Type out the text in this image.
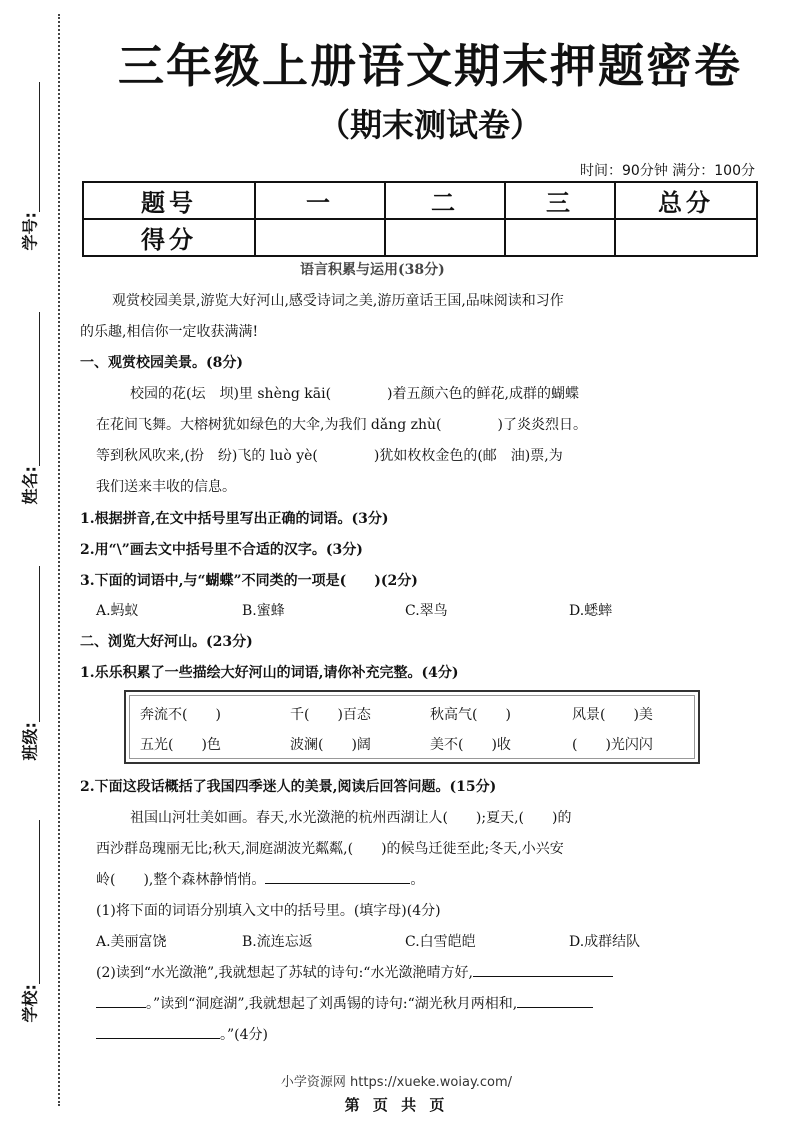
学号:
姓名:
班级:
学校:
三年级上册语文期末押题密卷
（期末测试卷）
时间：90分钟 满分：100分
题号	一	二	三	总分
得分				
语言积累与运用(38分)
观赏校园美景,游览大好河山,感受诗词之美,游历童话王国,品味阅读和习作
的乐趣,相信你一定收获满满!
一、观赏校园美景。(8分)
校园的花(坛　坝)里 shèng kāi(　　　　)着五颜六色的鲜花,成群的蝴蝶
在花间飞舞。大榕树犹如绿色的大伞,为我们 dǎng zhù(　　　　)了炎炎烈日。
等到秋风吹来,(扮　纷)飞的 luò yè(　　　　)犹如枚枚金色的(邮　油)票,为
我们送来丰收的信息。
1.根据拼音,在文中括号里写出正确的词语。(3分)
2.用“\”画去文中括号里不合适的汉字。(3分)
3.下面的词语中,与“蝴蝶”不同类的一项是(　　)(2分)
A.蚂蚁	B.蜜蜂	C.翠鸟	D.蟋蟀
二、浏览大好河山。(23分)
1.乐乐积累了一些描绘大好河山的词语,请你补充完整。(4分)
奔流不(　　)	千(　　)百态	秋高气(　　)	风景(　　)美
五光(　　)色	波澜(　　)阔	美不(　　)收	(　　)光闪闪
2.下面这段话概括了我国四季迷人的美景,阅读后回答问题。(15分)
祖国山河壮美如画。春天,水光潋滟的杭州西湖让人(　　);夏天,(　　)的
西沙群岛瑰丽无比;秋天,洞庭湖波光粼粼,(　　)的候鸟迁徙至此;冬天,小兴安
岭(　　),整个森林静悄悄。	。
(1)将下面的词语分别填入文中的括号里。(填字母)(4分)
A.美丽富饶	B.流连忘返	C.白雪皑皑	D.成群结队
(2)读到“水光潋滟”,我就想起了苏轼的诗句:“水光潋滟晴方好,
。”读到“洞庭湖”,我就想起了刘禹锡的诗句:“湖光秋月两相和,
。”(4分)
小学资源网 https://xueke.woiay.com/
第 页 共 页
